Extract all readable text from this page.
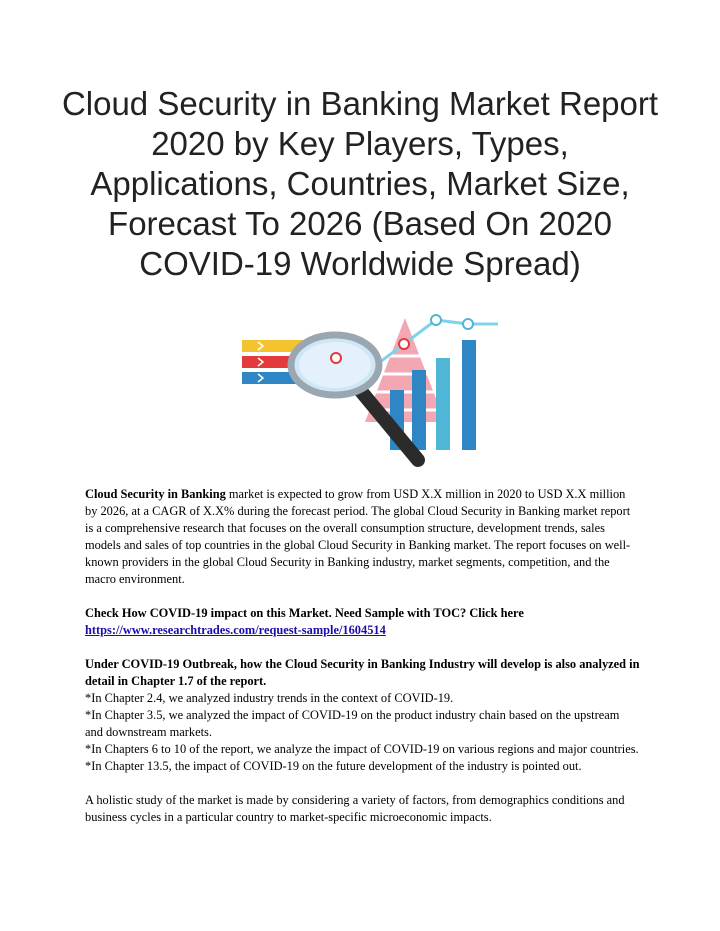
Cloud Security in Banking Market Report 2020 by Key Players, Types, Applications, Countries, Market Size, Forecast To 2026 (Based On 2020 COVID-19 Worldwide Spread)

Cloud Security in Banking market is expected to grow from USD X.X million in 2020 to USD X.X million by 2026, at a CAGR of X.X% during the forecast period. The global Cloud Security in Banking market report is a comprehensive research that focuses on the overall consumption structure, development trends, sales models and sales of top countries in the global Cloud Security in Banking market. The report focuses on well-known providers in the global Cloud Security in Banking industry, market segments, competition, and the macro environment.

Check How COVID-19 impact on this Market. Need Sample with TOC? Click here

https://www.researchtrades.com/request-sample/1604514

Under COVID-19 Outbreak, how the Cloud Security in Banking Industry will develop is also analyzed in detail in Chapter 1.7 of the report.

*In Chapter 2.4, we analyzed industry trends in the context of COVID-19.

*In Chapter 3.5, we analyzed the impact of COVID-19 on the product industry chain based on the upstream and downstream markets.

*In Chapters 6 to 10 of the report, we analyze the impact of COVID-19 on various regions and major countries.

*In Chapter 13.5, the impact of COVID-19 on the future development of the industry is pointed out.

A holistic study of the market is made by considering a variety of factors, from demographics conditions and business cycles in a particular country to market-specific microeconomic impacts.
